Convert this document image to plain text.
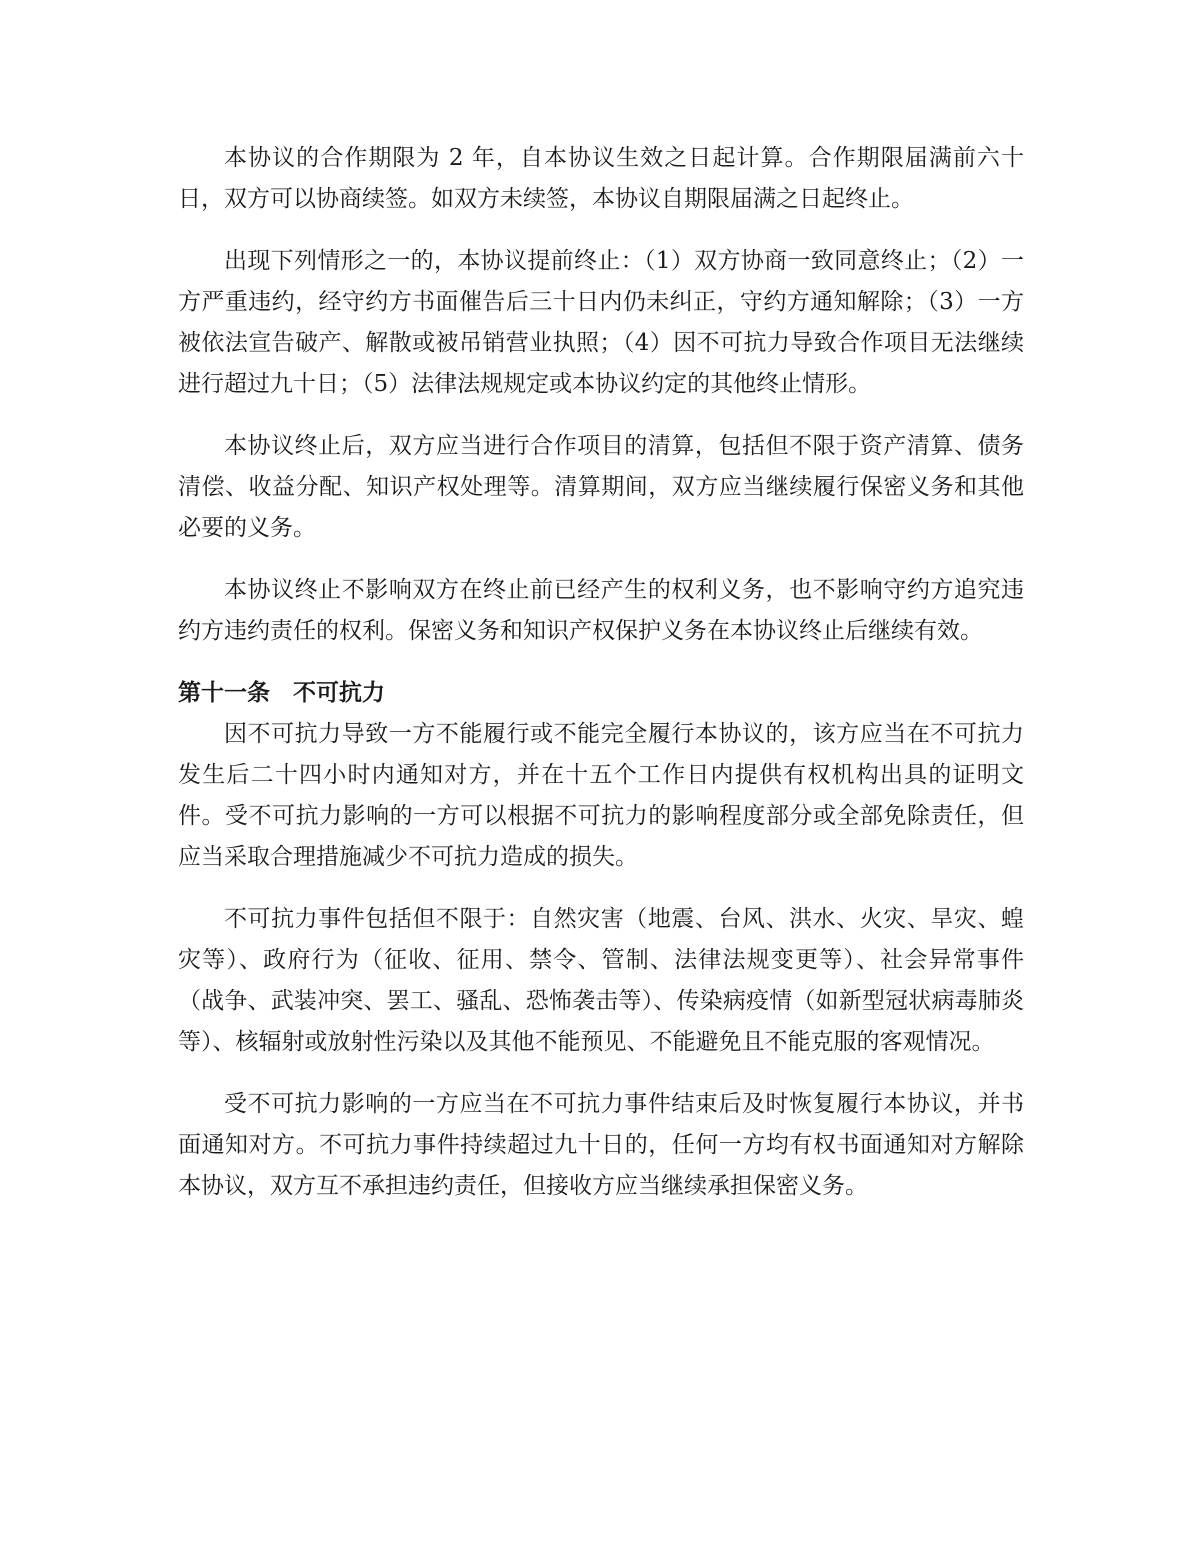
本协议的合作期限为 2 年，自本协议生效之日起计算。合作期限届满前六十日，双方可以协商续签。如双方未续签，本协议自期限届满之日起终止。

出现下列情形之一的，本协议提前终止：（1）双方协商一致同意终止；（2）一方严重违约，经守约方书面催告后三十日内仍未纠正，守约方通知解除；（3）一方被依法宣告破产、解散或被吊销营业执照；（4）因不可抗力导致合作项目无法继续进行超过九十日；（5）法律法规规定或本协议约定的其他终止情形。

本协议终止后，双方应当进行合作项目的清算，包括但不限于资产清算、债务清偿、收益分配、知识产权处理等。清算期间，双方应当继续履行保密义务和其他必要的义务。

本协议终止不影响双方在终止前已经产生的权利义务，也不影响守约方追究违约方违约责任的权利。保密义务和知识产权保护义务在本协议终止后继续有效。

第十一条　不可抗力

因不可抗力导致一方不能履行或不能完全履行本协议的，该方应当在不可抗力发生后二十四小时内通知对方，并在十五个工作日内提供有权机构出具的证明文件。受不可抗力影响的一方可以根据不可抗力的影响程度部分或全部免除责任，但应当采取合理措施减少不可抗力造成的损失。

不可抗力事件包括但不限于：自然灾害（地震、台风、洪水、火灾、旱灾、蝗灾等）、政府行为（征收、征用、禁令、管制、法律法规变更等）、社会异常事件（战争、武装冲突、罢工、骚乱、恐怖袭击等）、传染病疫情（如新型冠状病毒肺炎等）、核辐射或放射性污染以及其他不能预见、不能避免且不能克服的客观情况。

受不可抗力影响的一方应当在不可抗力事件结束后及时恢复履行本协议，并书面通知对方。不可抗力事件持续超过九十日的，任何一方均有权书面通知对方解除本协议，双方互不承担违约责任，但接收方应当继续承担保密义务。
